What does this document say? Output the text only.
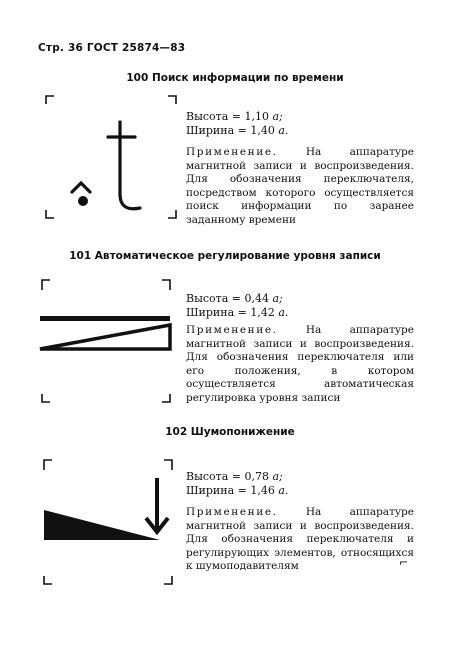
Стр. 36 ГОСТ 25874—83
100 Поиск информации по времени
Высота = 1,10 a;
Ширина = 1,40 a.
Применение.	На аппаратуре магнитной записи и воспроизведения. Для обозначения переключателя, посредством которого осуществляется поиск информации по заранее заданному времени
101 Автоматическое регулирование уровня записи
Высота = 0,44 a;
Ширина = 1,42 a.
Применение.	На аппаратуре магнитной записи и воспроизведения. Для обозначения переключателя или его положения, в котором осуществляется автоматическая регулировка уровня записи
102 Шумопонижение
Высота = 0,78 a;
Ширина = 1,46 a.
Применение.	На аппаратуре магнитной записи и воспроизведения. Для обозначения переключателя и регулирующих элементов, относящихся к шумоподавителям	⌐
